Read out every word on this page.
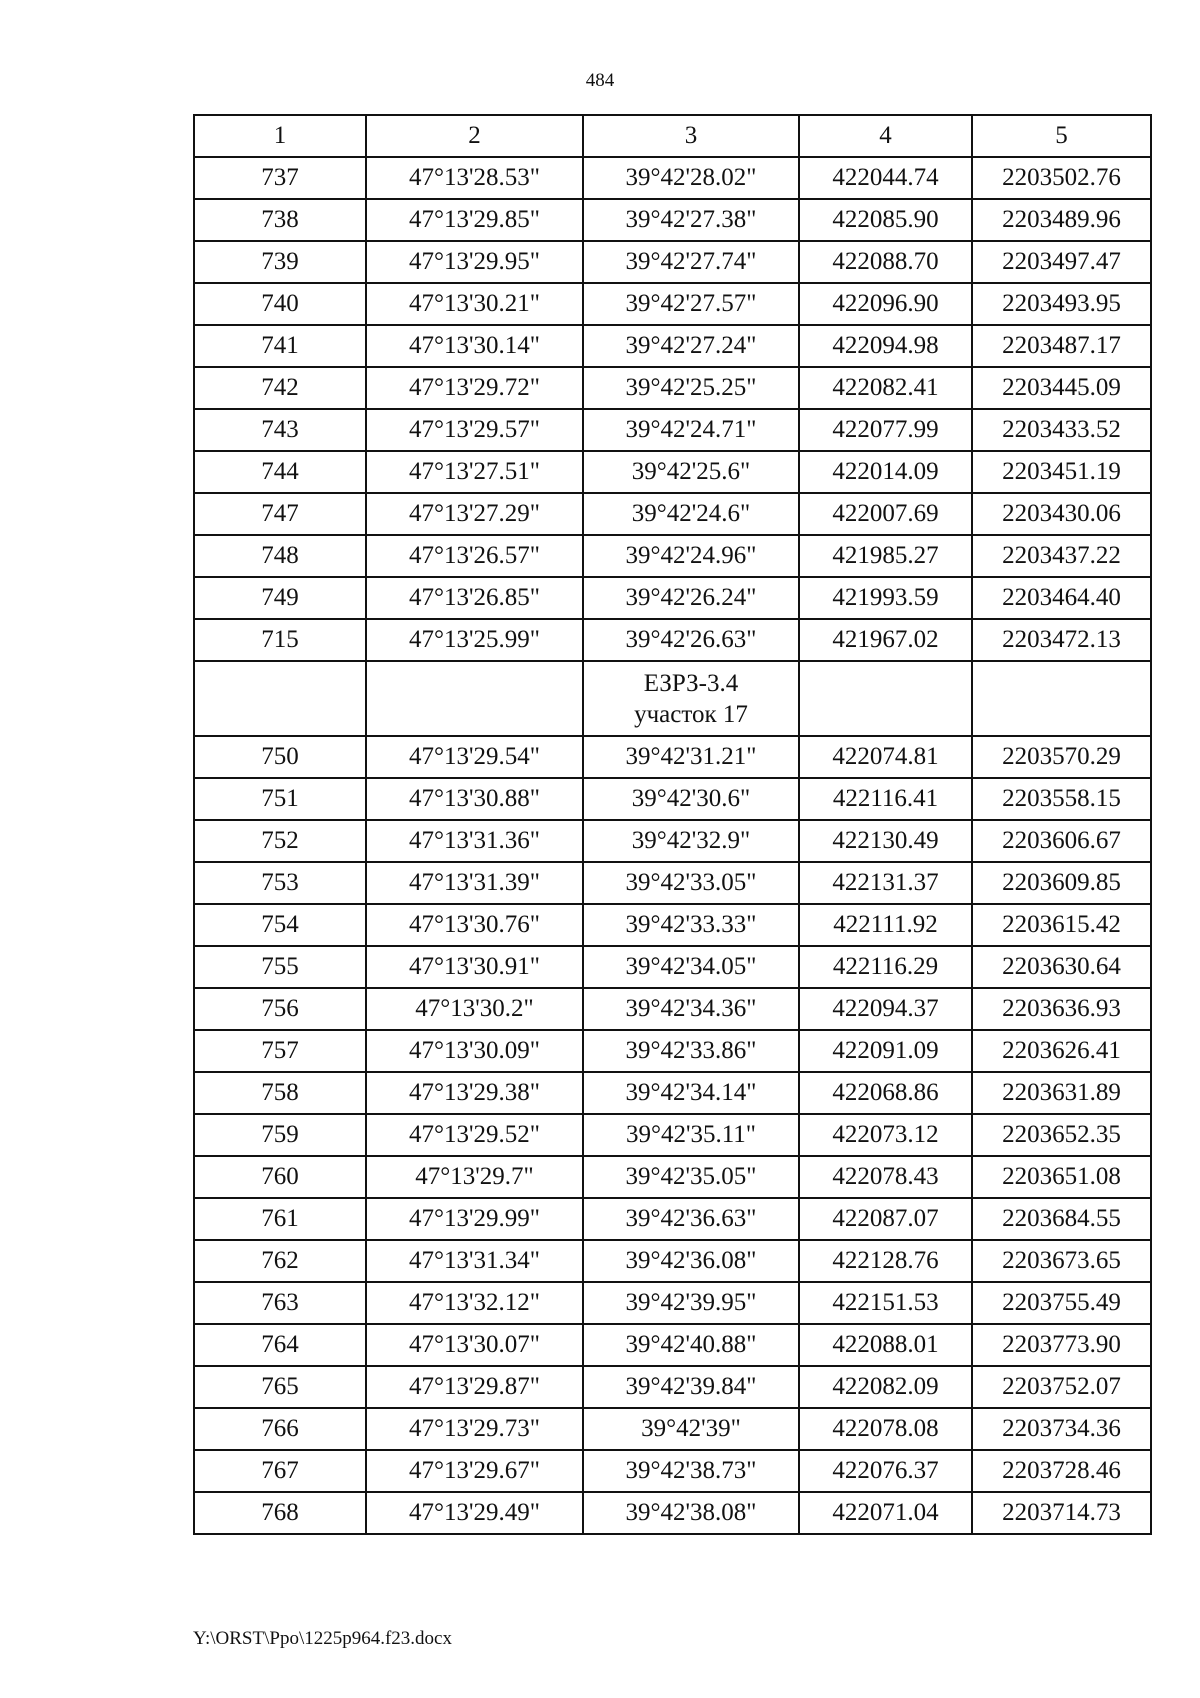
484
1	2	3	4	5
737	47°13'28.53"	39°42'28.02"	422044.74	2203502.76
738	47°13'29.85"	39°42'27.38"	422085.90	2203489.96
739	47°13'29.95"	39°42'27.74"	422088.70	2203497.47
740	47°13'30.21"	39°42'27.57"	422096.90	2203493.95
741	47°13'30.14"	39°42'27.24"	422094.98	2203487.17
742	47°13'29.72"	39°42'25.25"	422082.41	2203445.09
743	47°13'29.57"	39°42'24.71"	422077.99	2203433.52
744	47°13'27.51"	39°42'25.6"	422014.09	2203451.19
747	47°13'27.29"	39°42'24.6"	422007.69	2203430.06
748	47°13'26.57"	39°42'24.96"	421985.27	2203437.22
749	47°13'26.85"	39°42'26.24"	421993.59	2203464.40
715	47°13'25.99"	39°42'26.63"	421967.02	2203472.13

		ЕЗРЗ-3.4
участок 17		

750	47°13'29.54"	39°42'31.21"	422074.81	2203570.29
751	47°13'30.88"	39°42'30.6"	422116.41	2203558.15
752	47°13'31.36"	39°42'32.9"	422130.49	2203606.67
753	47°13'31.39"	39°42'33.05"	422131.37	2203609.85
754	47°13'30.76"	39°42'33.33"	422111.92	2203615.42
755	47°13'30.91"	39°42'34.05"	422116.29	2203630.64
756	47°13'30.2"	39°42'34.36"	422094.37	2203636.93
757	47°13'30.09"	39°42'33.86"	422091.09	2203626.41
758	47°13'29.38"	39°42'34.14"	422068.86	2203631.89
759	47°13'29.52"	39°42'35.11"	422073.12	2203652.35
760	47°13'29.7"	39°42'35.05"	422078.43	2203651.08
761	47°13'29.99"	39°42'36.63"	422087.07	2203684.55
762	47°13'31.34"	39°42'36.08"	422128.76	2203673.65
763	47°13'32.12"	39°42'39.95"	422151.53	2203755.49
764	47°13'30.07"	39°42'40.88"	422088.01	2203773.90
765	47°13'29.87"	39°42'39.84"	422082.09	2203752.07
766	47°13'29.73"	39°42'39"	422078.08	2203734.36
767	47°13'29.67"	39°42'38.73"	422076.37	2203728.46
768	47°13'29.49"	39°42'38.08"	422071.04	2203714.73
Y:\ORST\Ppo\1225p964.f23.docx
